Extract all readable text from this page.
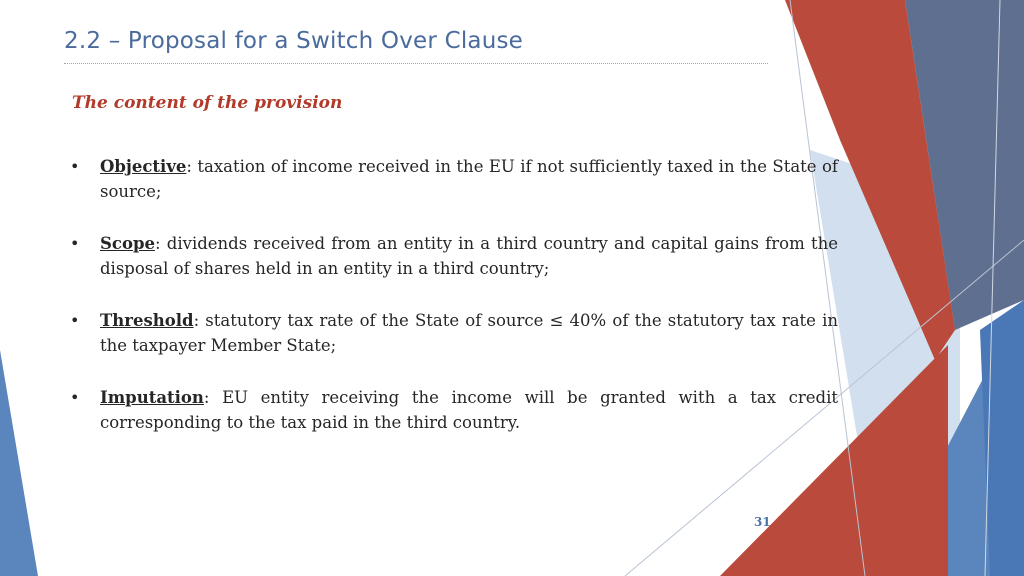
2.2 – Proposal for a Switch Over Clause
The content of the provision
• Objective: taxation of income received in the EU if not sufficiently taxed in the State of source;
• Scope: dividends received from an entity in a third country and capital gains from the disposal of shares held in an entity in a third country;
• Threshold: statutory tax rate of the State of source ≤ 40% of the statutory tax rate in the taxpayer Member State;
• Imputation: EU entity receiving the income will be granted with a tax credit corresponding to the tax paid in the third country.
31
